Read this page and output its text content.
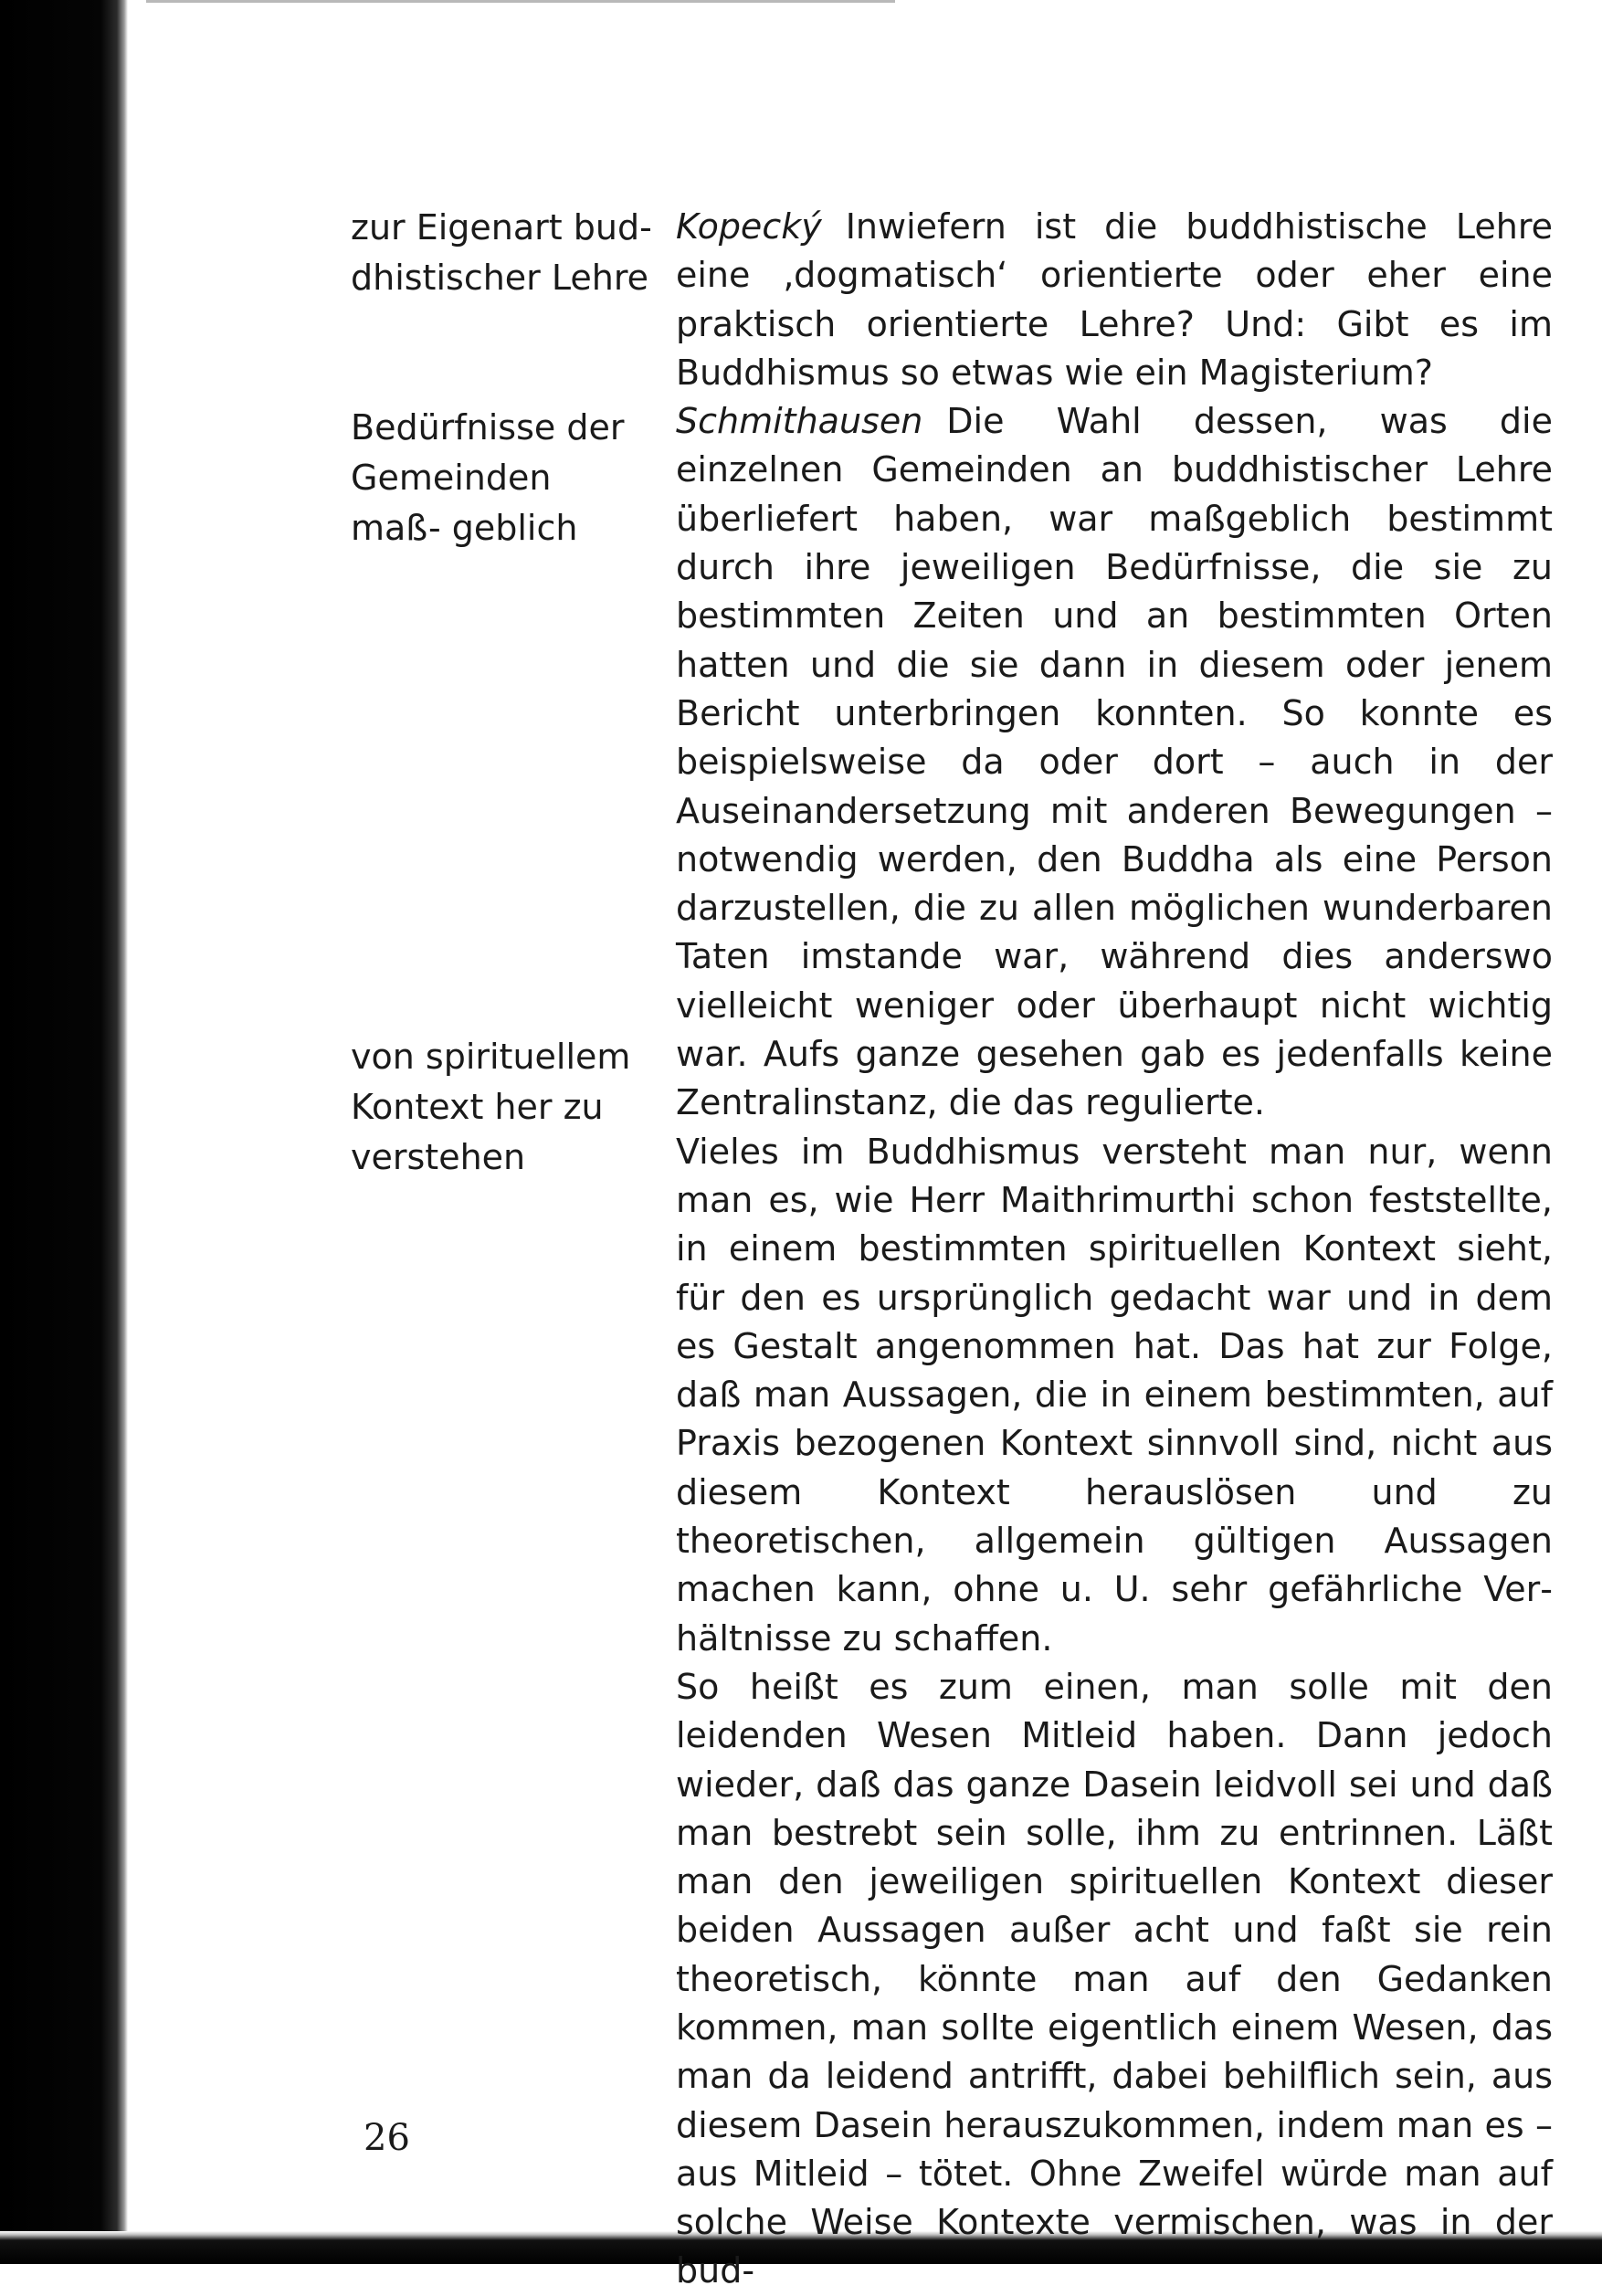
zur Eigenart bud- dhistischer Lehre

Bedürfnisse der Gemeinden maß- geblich

von spirituellem Kontext her zu verstehen

Kopecký Inwiefern ist die buddhistische Lehre eine ‚dogmatisch‘ orientierte oder eher eine praktisch orientierte Lehre? Und: Gibt es im Buddhismus so etwas wie ein Magisterium?

Schmithausen Die Wahl dessen, was die einzelnen Gemeinden an buddhistischer Lehre überliefert haben, war maßgeblich bestimmt durch ihre jeweiligen Bedürfnisse, die sie zu bestimmten Zeiten und an bestimmten Orten hatten und die sie dann in diesem oder jenem Bericht unterbringen konnten. So konnte es beispielsweise da oder dort – auch in der Auseinandersetzung mit anderen Bewegungen – notwendig werden, den Buddha als eine Person darzustellen, die zu allen möglichen wunderbaren Taten imstande war, während dies anderswo vielleicht weniger oder überhaupt nicht wichtig war. Aufs ganze gesehen gab es jedenfalls keine Zentralinstanz, die das regulierte.

Vieles im Buddhismus versteht man nur, wenn man es, wie Herr Maithrimurthi schon feststellte, in einem bestimmten spirituellen Kontext sieht, für den es ursprünglich gedacht war und in dem es Gestalt angenommen hat. Das hat zur Folge, daß man Aussagen, die in einem bestimmten, auf Praxis bezogenen Kontext sinnvoll sind, nicht aus diesem Kontext herauslösen und zu theoretischen, allgemein gültigen Aussagen machen kann, ohne u. U. sehr gefährliche Verhältnisse zu schaffen.

So heißt es zum einen, man solle mit den leidenden Wesen Mitleid haben. Dann jedoch wieder, daß das ganze Dasein leidvoll sei und daß man bestrebt sein solle, ihm zu entrinnen. Läßt man den jeweiligen spirituellen Kontext dieser beiden Aussagen außer acht und faßt sie rein theoretisch, könnte man auf den Gedanken kommen, man sollte eigentlich einem Wesen, das man da leidend antrifft, dabei behilflich sein, aus diesem Dasein herauszukommen, indem man es – aus Mitleid – tötet. Ohne Zweifel würde man auf solche Weise Kontexte vermischen, was in der bud-

26
